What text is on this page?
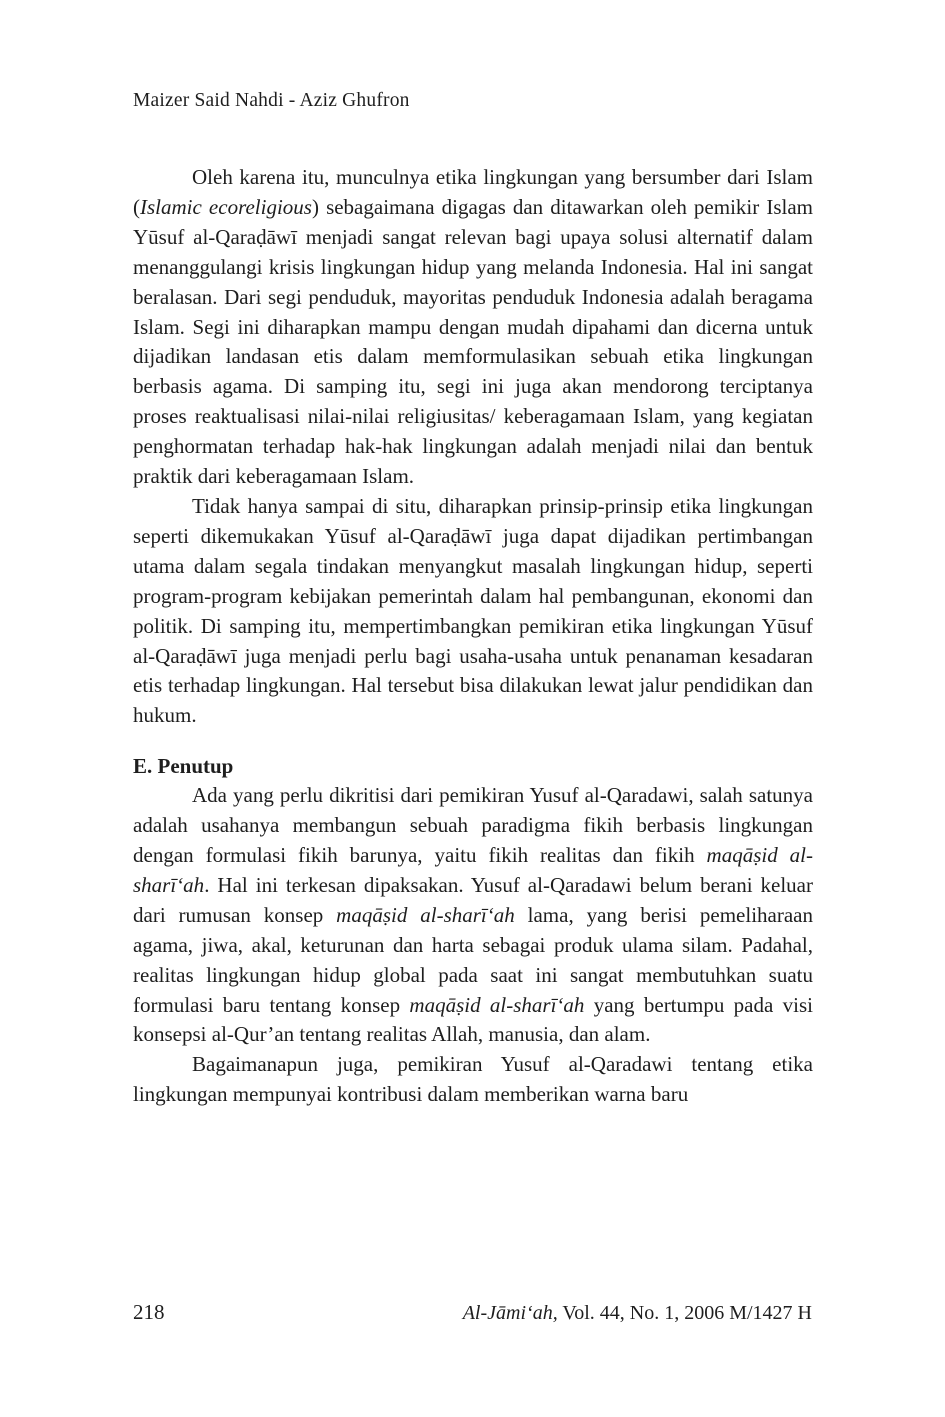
Maizer Said Nahdi - Aziz Ghufron

Oleh karena itu, munculnya etika lingkungan yang bersumber dari Islam (Islamic ecoreligious) sebagaimana digagas dan ditawarkan oleh pemikir Islam Yūsuf al-Qaraḍāwī menjadi sangat relevan bagi upaya solusi alternatif dalam menanggulangi krisis lingkungan hidup yang melanda Indonesia. Hal ini sangat beralasan. Dari segi penduduk, mayoritas penduduk Indonesia adalah beragama Islam. Segi ini diharapkan mampu dengan mudah dipahami dan dicerna untuk dijadikan landasan etis dalam memformulasikan sebuah etika lingkungan berbasis agama. Di samping itu, segi ini juga akan mendorong terciptanya proses reaktualisasi nilai-nilai religiusitas/ keberagamaan Islam, yang kegiatan penghormatan terhadap hak-hak lingkungan adalah menjadi nilai dan bentuk praktik dari keberagamaan Islam.

Tidak hanya sampai di situ, diharapkan prinsip-prinsip etika lingkungan seperti dikemukakan Yūsuf al-Qaraḍāwī juga dapat dijadikan pertimbangan utama dalam segala tindakan menyangkut masalah lingkungan hidup, seperti program-program kebijakan pemerintah dalam hal pembangunan, ekonomi dan politik. Di samping itu, mempertimbangkan pemikiran etika lingkungan Yūsuf al-Qaraḍāwī juga menjadi perlu bagi usaha-usaha untuk penanaman kesadaran etis terhadap lingkungan. Hal tersebut bisa dilakukan lewat jalur pendidikan dan hukum.

E. Penutup

Ada yang perlu dikritisi dari pemikiran Yusuf al-Qaradawi, salah satunya adalah usahanya membangun sebuah paradigma fikih berbasis lingkungan dengan formulasi fikih barunya, yaitu fikih realitas dan fikih maqāṣid al-sharī‘ah. Hal ini terkesan dipaksakan. Yusuf al-Qaradawi belum berani keluar dari rumusan konsep maqāṣid al-sharī‘ah lama, yang berisi pemeliharaan agama, jiwa, akal, keturunan dan harta sebagai produk ulama silam. Padahal, realitas lingkungan hidup global pada saat ini sangat membutuhkan suatu formulasi baru tentang konsep maqāṣid al-sharī‘ah yang bertumpu pada visi konsepsi al-Qur’an tentang realitas Allah, manusia, dan alam.

Bagaimanapun juga, pemikiran Yusuf al-Qaradawi tentang etika lingkungan mempunyai kontribusi dalam memberikan warna baru

218	Al-Jāmi‘ah, Vol. 44, No. 1, 2006 M/1427 H
